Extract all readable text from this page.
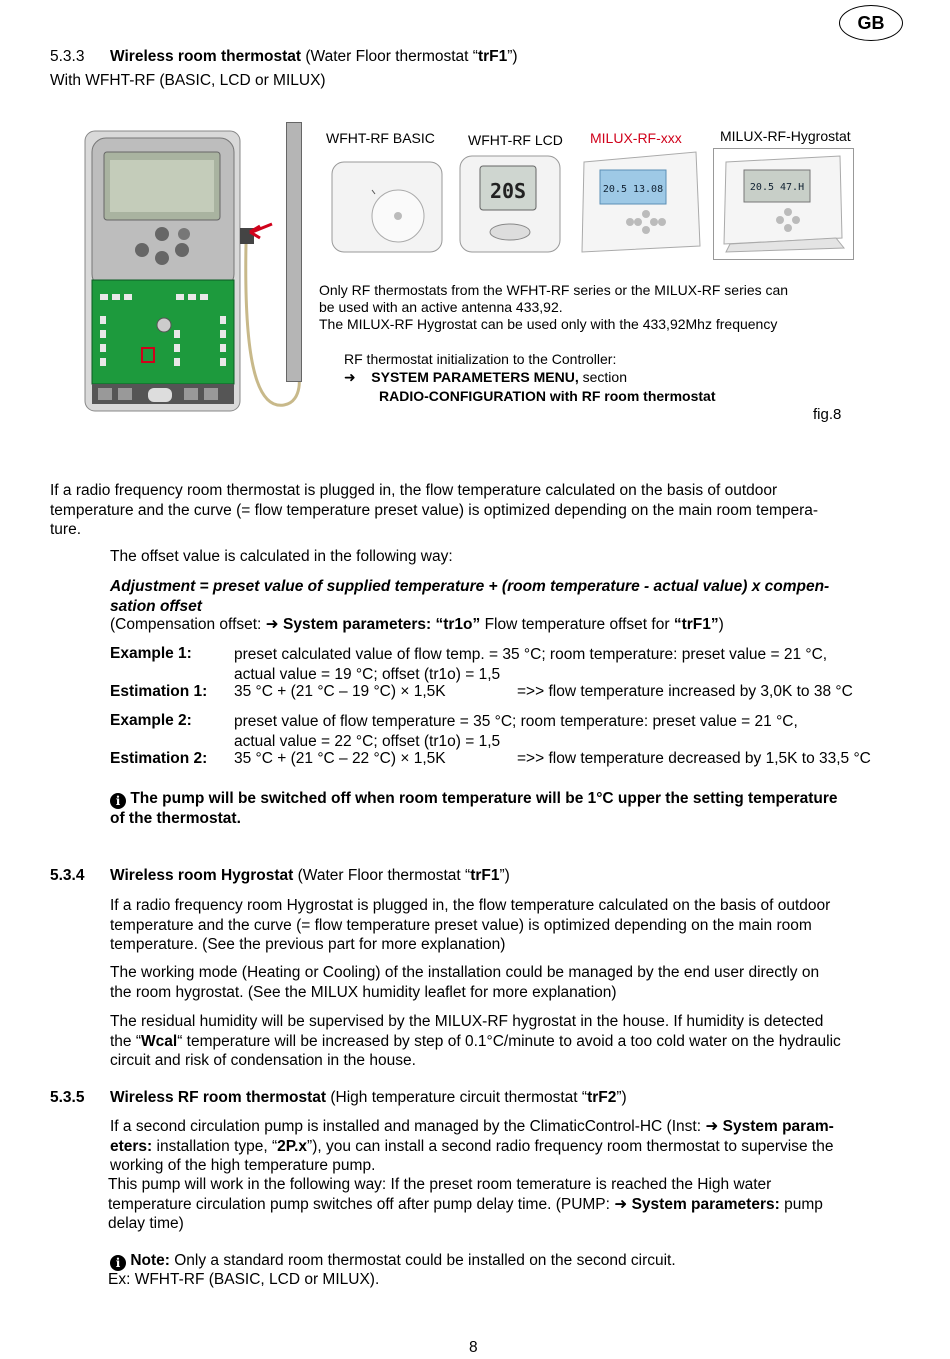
GB
5.3.3 Wireless room thermostat (Water Floor thermostat “trF1”)
With WFHT-RF (BASIC, LCD or MILUX)
WFHT-RF BASIC WFHT-RF LCD MILUX-RF-xxx	MILUX-RF-Hygrostat
20S	20.5 13.08	20.5 47.H
Only RF thermostats from the WFHT-RF series or the MILUX-RF series can
be used with an active antenna 433,92.
The MILUX-RF Hygrostat can be used only with the 433,92Mhz frequency
RF thermostat initialization to the Controller:
➜ SYSTEM PARAMETERS MENU, section
RADIO-CONFIGURATION with RF room thermostat
fig.8
If a radio frequency room thermostat is plugged in, the flow temperature calculated on the basis of outdoor
temperature and the curve (= flow temperature preset value) is optimized depending on the main room tempera-
ture.
The offset value is calculated in the following way:
Adjustment = preset value of supplied temperature + (room temperature - actual value) x compen-
sation offset
(Compensation offset: ➜ System parameters: “tr1o” Flow temperature offset for “trF1”)
Example 1:	preset calculated value of flow temp. = 35 °C; room temperature: preset value = 21 °C,
actual value = 19 °C; offset (tr1o) = 1,5
Estimation 1: 35 °C + (21 °C – 19 °C) × 1,5K	=>> flow temperature increased by 3,0K to 38 °C
Example 2:	preset value of flow temperature = 35 °C; room temperature: preset value = 21 °C,
actual value = 22 °C; offset (tr1o) = 1,5
Estimation 2: 35 °C + (21 °C – 22 °C) × 1,5K	=>> flow temperature decreased by 1,5K to 33,5 °C
i The pump will be switched off when room temperature will be 1°C upper the setting temperature
of the thermostat.
5.3.4 Wireless room Hygrostat (Water Floor thermostat “trF1”)
If a radio frequency room Hygrostat is plugged in, the flow temperature calculated on the basis of outdoor
temperature and the curve (= flow temperature preset value) is optimized depending on the main room
temperature. (See the previous part for more explanation)
The working mode (Heating or Cooling) of the installation could be managed by the end user directly on
the room hygrostat. (See the MILUX humidity leaflet for more explanation)
The residual humidity will be supervised by the MILUX-RF hygrostat in the house. If humidity is detected
the “Wcal“ temperature will be increased by step of 0.1°C/minute to avoid a too cold water on the hydraulic
circuit and risk of condensation in the house.
5.3.5 Wireless RF room thermostat (High temperature circuit thermostat “trF2”)
If a second circulation pump is installed and managed by the ClimaticControl-HC (Inst: ➜ System param-
eters: installation type, “2P.x”), you can install a second radio frequency room thermostat to supervise the
working of the high temperature pump.
This pump will work in the following way: If the preset room temerature is reached the High water
temperature circulation pump switches off after pump delay time. (PUMP: ➜ System parameters: pump
delay time)
i Note: Only a standard room thermostat could be installed on the second circuit.
Ex: WFHT-RF (BASIC, LCD or MILUX).
8
